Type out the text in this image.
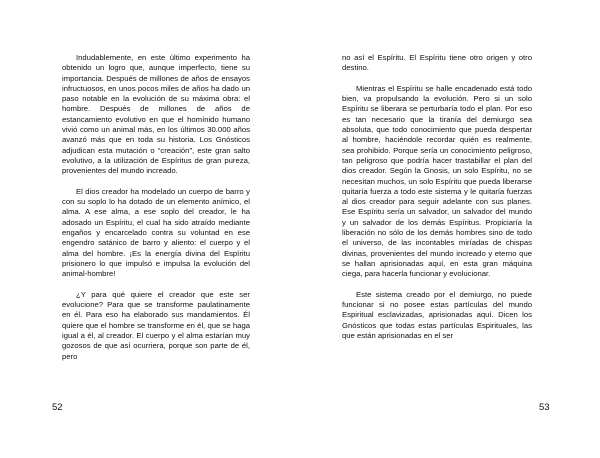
Indudablemente, en este último experimento ha obtenido un logro que, aunque imperfecto, tiene su importancia. Después de millones de años de ensayos infructuosos, en unos pocos miles de años ha dado un paso notable en la evolución de su máxima obra: el hombre. Después de millones de años de estancamiento evolutivo en que el homínido humano vivió como un animal más, en los últimos 30.000 años avanzó más que en toda su historia. Los Gnósticos adjudican esta mutación o “creación”, este gran salto evolutivo, a la utilización de Espíritus de gran pureza, provenientes del mundo increado.

El dios creador ha modelado un cuerpo de barro y con su soplo lo ha dotado de un elemento anímico, el alma. A ese alma, a ese soplo del creador, le ha adosado un Espíritu, el cual ha sido atraído mediante engaños y encarcelado contra su voluntad en ese engendro satánico de barro y aliento: el cuerpo y el alma del hombre. ¡Es la energía divina del Espíritu prisionero lo que impulsó e impulsa la evolución del animal-hombre!

¿Y para qué quiere el creador que este ser evolucione? Para que se transforme paulatinamente en él. Para eso ha elaborado sus mandamientos. Él quiere que el hombre se transforme en él, que se haga igual a él, al creador. El cuerpo y el alma estarían muy gozosos de que así ocurriera, porque son parte de él, pero

52

no así el Espíritu. El Espíritu tiene otro origen y otro destino.

Mientras el Espíritu se halle encadenado está todo bien, va propulsando la evolución. Pero si un solo Espíritu se liberara se perturbaría todo el plan. Por eso es tan necesario que la tiranía del demiurgo sea absoluta, que todo conocimiento que pueda despertar al hombre, haciéndole recordar quién es realmente, sea prohibido. Porque sería un conocimiento peligroso, tan peligroso que podría hacer trastabillar el plan del dios creador. Según la Gnosis, un solo Espíritu, no se necesitan muchos, un solo Espíritu que pueda liberarse quitaría fuerza a todo este sistema y le quitaría fuerzas al dios creador para seguir adelante con sus planes. Ese Espíritu sería un salvador, un salvador del mundo y un salvador de los demás Espíritus. Propiciaría la liberación no sólo de los demás hombres sino de todo el universo, de las incontables miríadas de chispas divinas, provenientes del mundo increado y eterno que se hallan aprisionadas aquí, en esta gran máquina ciega, para hacerla funcionar y evolucionar.

Este sistema creado por el demiurgo, no puede funcionar si no posee estas partículas del mundo Espiritual esclavizadas, aprisionadas aquí. Dicen los Gnósticos que todas estas partículas Espirituales, las que están aprisionadas en el ser

53
